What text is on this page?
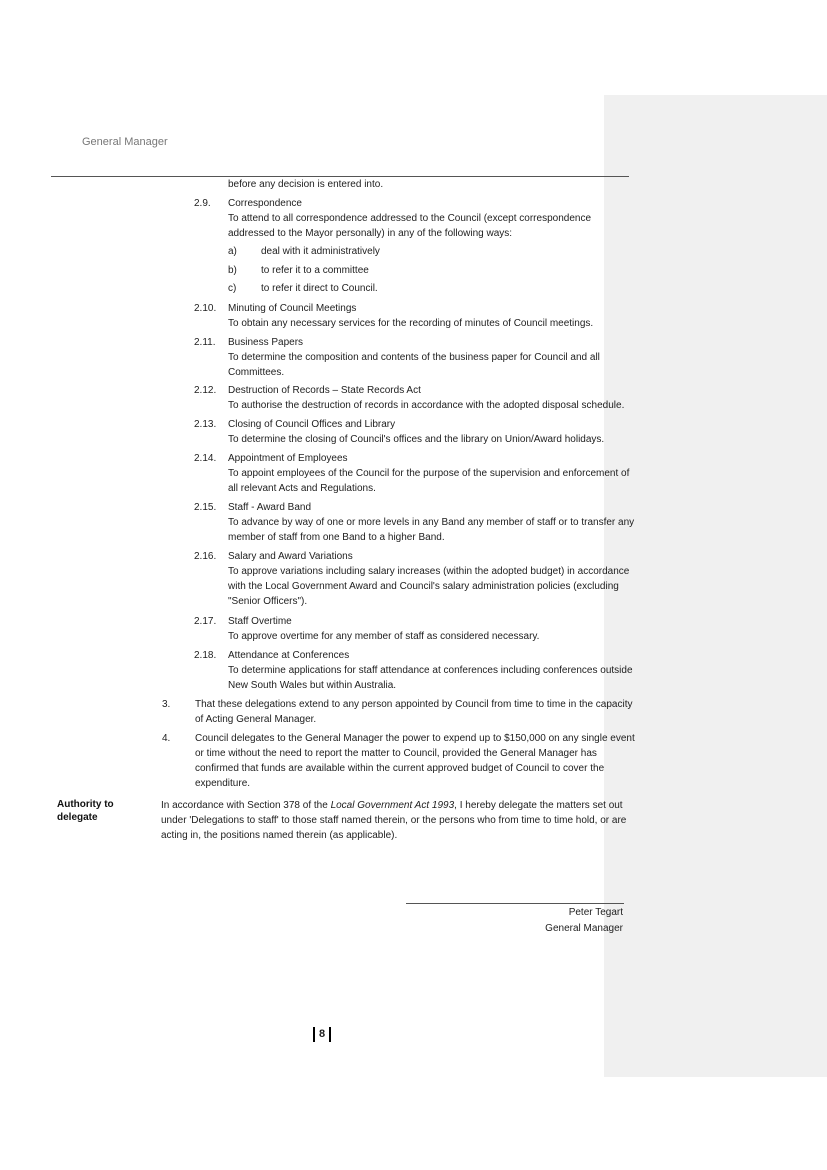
General Manager
before any decision is entered into.
2.9. Correspondence
To attend to all correspondence addressed to the Council (except correspondence
addressed to the Mayor personally) in any of the following ways:
a) deal with it administratively
b) to refer it to a committee
c) to refer it direct to Council.
2.10. Minuting of Council Meetings
To obtain any necessary services for the recording of minutes of Council meetings.
2.11. Business Papers
To determine the composition and contents of the business paper for Council and all
Committees.
2.12. Destruction of Records – State Records Act
To authorise the destruction of records in accordance with the adopted disposal schedule.
2.13. Closing of Council Offices and Library
To determine the closing of Council's offices and the library on Union/Award holidays.
2.14. Appointment of Employees
To appoint employees of the Council for the purpose of the supervision and enforcement of
all relevant Acts and Regulations.
2.15. Staff - Award Band
To advance by way of one or more levels in any Band any member of staff or to transfer any
member of staff from one Band to a higher Band.
2.16. Salary and Award Variations
To approve variations including salary increases (within the adopted budget) in accordance
with the Local Government Award and Council's salary administration policies (excluding
"Senior Officers").
2.17. Staff Overtime
To approve overtime for any member of staff as considered necessary.
2.18. Attendance at Conferences
To determine applications for staff attendance at conferences including conferences outside
New South Wales but within Australia.
3. That these delegations extend to any person appointed by Council from time to time in the capacity
of Acting General Manager.
4. Council delegates to the General Manager the power to expend up to $150,000 on any single event
or time without the need to report the matter to Council, provided the General Manager has
confirmed that funds are available within the current approved budget of Council to cover the
expenditure.
Authority to
delegate
In accordance with Section 378 of the Local Government Act 1993, I hereby delegate the matters set out
under 'Delegations to staff' to those staff named therein, or the persons who from time to time hold, or are
acting in, the positions named therein (as applicable).
Peter Tegart
General Manager
8
